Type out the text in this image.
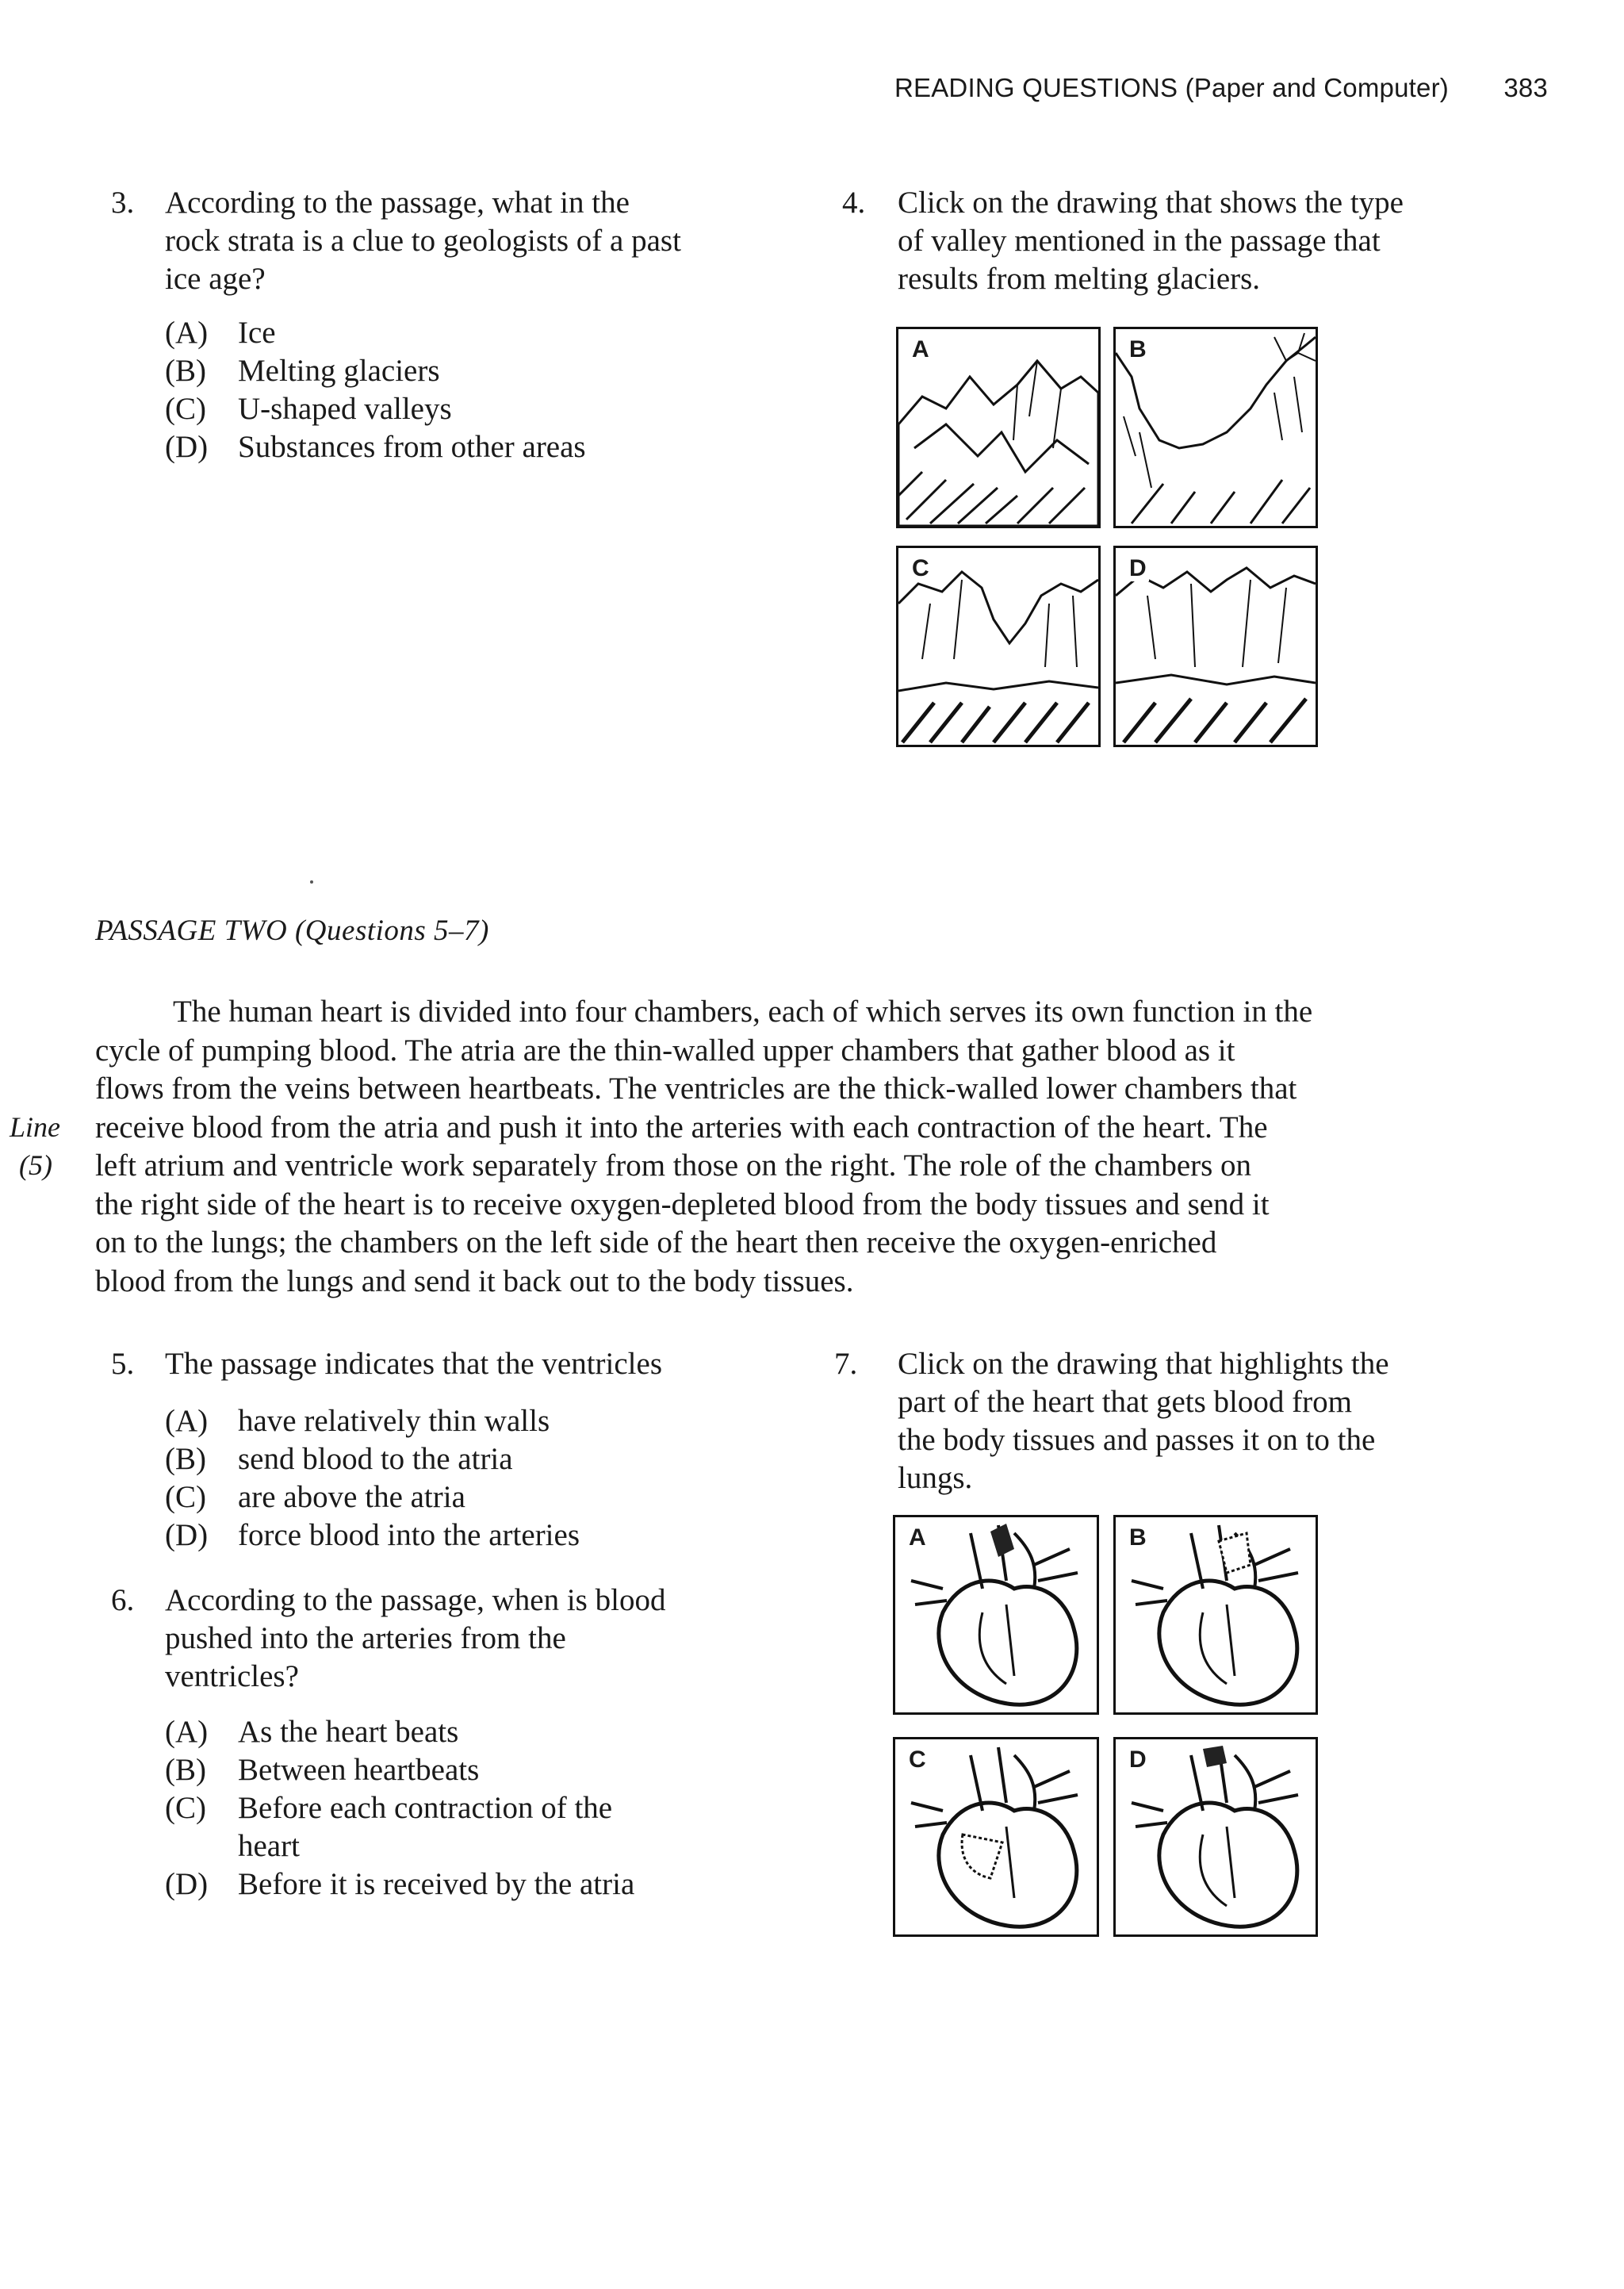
READING QUESTIONS (Paper and Computer) 383
3. According to the passage, what in the
rock strata is a clue to geologists of a past
ice age?
(A) Ice
(B) Melting glaciers
(C) U-shaped valleys
(D) Substances from other areas
4. Click on the drawing that shows the type
of valley mentioned in the passage that
results from melting glaciers.
A	B
C	D
PASSAGE TWO (Questions 5–7)
Line
(5)

The human heart is divided into four chambers, each of which serves its own function in the
cycle of pumping blood. The atria are the thin-walled upper chambers that gather blood as it
flows from the veins between heartbeats. The ventricles are the thick-walled lower chambers that
receive blood from the atria and push it into the arteries with each contraction of the heart. The
left atrium and ventricle work separately from those on the right. The role of the chambers on
the right side of the heart is to receive oxygen-depleted blood from the body tissues and send it
on to the lungs; the chambers on the left side of the heart then receive the oxygen-enriched
blood from the lungs and send it back out to the body tissues.

5. The passage indicates that the ventricles
(A) have relatively thin walls
(B) send blood to the atria
(C) are above the atria
(D) force blood into the arteries
6. According to the passage, when is blood
pushed into the arteries from the
ventricles?
(A) As the heart beats
(B) Between heartbeats
(C) Before each contraction of the heart
(D) Before it is received by the atria
7. Click on the drawing that highlights the
part of the heart that gets blood from
the body tissues and passes it on to the
lungs.
A	B
C	D
